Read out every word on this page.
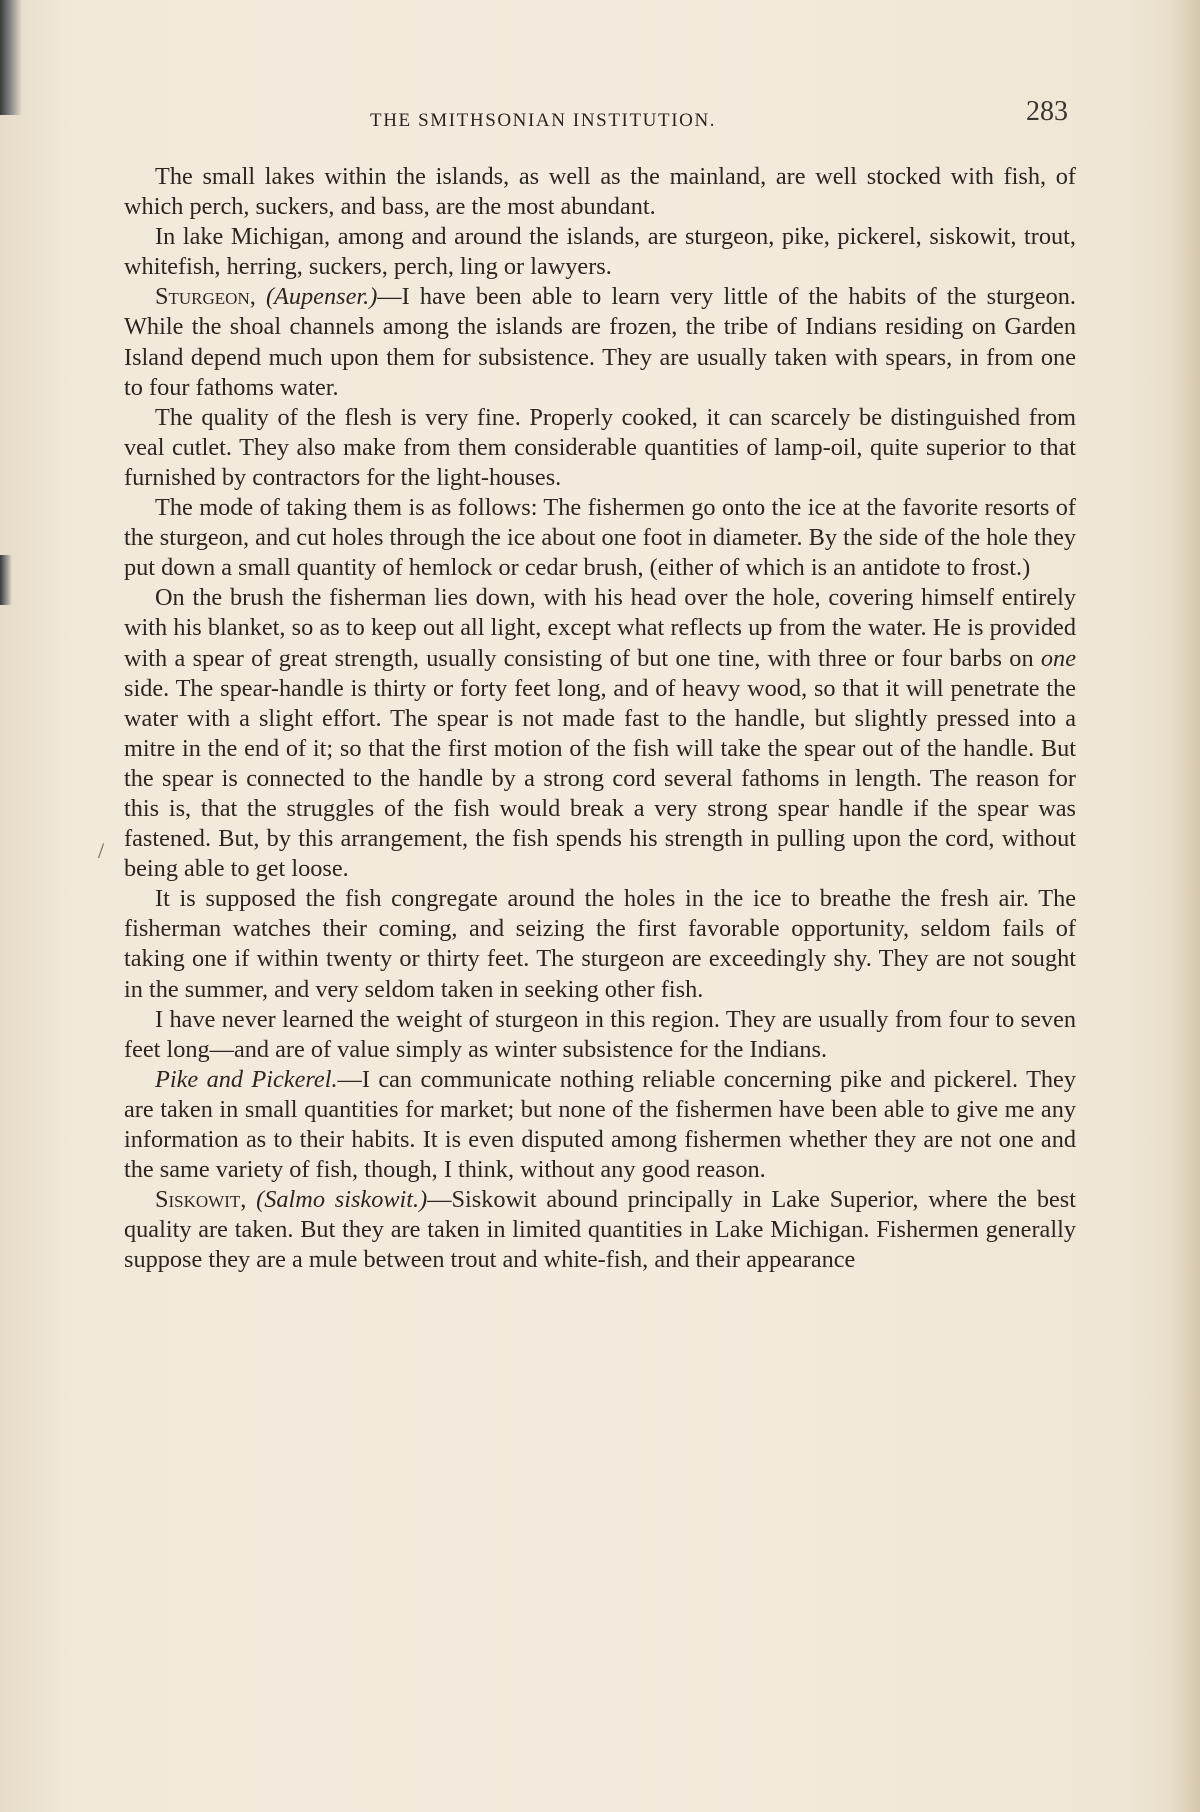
THE SMITHSONIAN INSTITUTION.	283

The small lakes within the islands, as well as the mainland, are well stocked with fish, of which perch, suckers, and bass, are the most abundant.

In lake Michigan, among and around the islands, are sturgeon, pike, pickerel, siskowit, trout, whitefish, herring, suckers, perch, ling or lawyers.

Sturgeon, (Aupenser.)—I have been able to learn very little of the habits of the sturgeon. While the shoal channels among the islands are frozen, the tribe of Indians residing on Garden Island depend much upon them for subsistence. They are usually taken with spears, in from one to four fathoms water.

The quality of the flesh is very fine. Properly cooked, it can scarcely be distinguished from veal cutlet. They also make from them considerable quantities of lamp-oil, quite superior to that furnished by contractors for the light-houses.

The mode of taking them is as follows: The fishermen go onto the ice at the favorite resorts of the sturgeon, and cut holes through the ice about one foot in diameter. By the side of the hole they put down a small quantity of hemlock or cedar brush, (either of which is an antidote to frost.)

On the brush the fisherman lies down, with his head over the hole, covering himself entirely with his blanket, so as to keep out all light, except what reflects up from the water. He is provided with a spear of great strength, usually consisting of but one tine, with three or four barbs on one side. The spear-handle is thirty or forty feet long, and of heavy wood, so that it will penetrate the water with a slight effort. The spear is not made fast to the handle, but slightly pressed into a mitre in the end of it; so that the first motion of the fish will take the spear out of the handle. But the spear is connected to the handle by a strong cord several fathoms in length. The reason for this is, that the struggles of the fish would break a very strong spear handle if the spear was fastened. But, by this arrangement, the fish spends his strength in pulling upon the cord, without being able to get loose.

It is supposed the fish congregate around the holes in the ice to breathe the fresh air. The fisherman watches their coming, and seizing the first favorable opportunity, seldom fails of taking one if within twenty or thirty feet. The sturgeon are exceedingly shy. They are not sought in the summer, and very seldom taken in seeking other fish.

I have never learned the weight of sturgeon in this region. They are usually from four to seven feet long—and are of value simply as winter subsistence for the Indians.

Pike and Pickerel.—I can communicate nothing reliable concerning pike and pickerel. They are taken in small quantities for market; but none of the fishermen have been able to give me any information as to their habits. It is even disputed among fishermen whether they are not one and the same variety of fish, though, I think, without any good reason.

Siskowit, (Salmo siskowit.)—Siskowit abound principally in Lake Superior, where the best quality are taken. But they are taken in limited quantities in Lake Michigan. Fishermen generally suppose they are a mule between trout and white-fish, and their appearance

/
